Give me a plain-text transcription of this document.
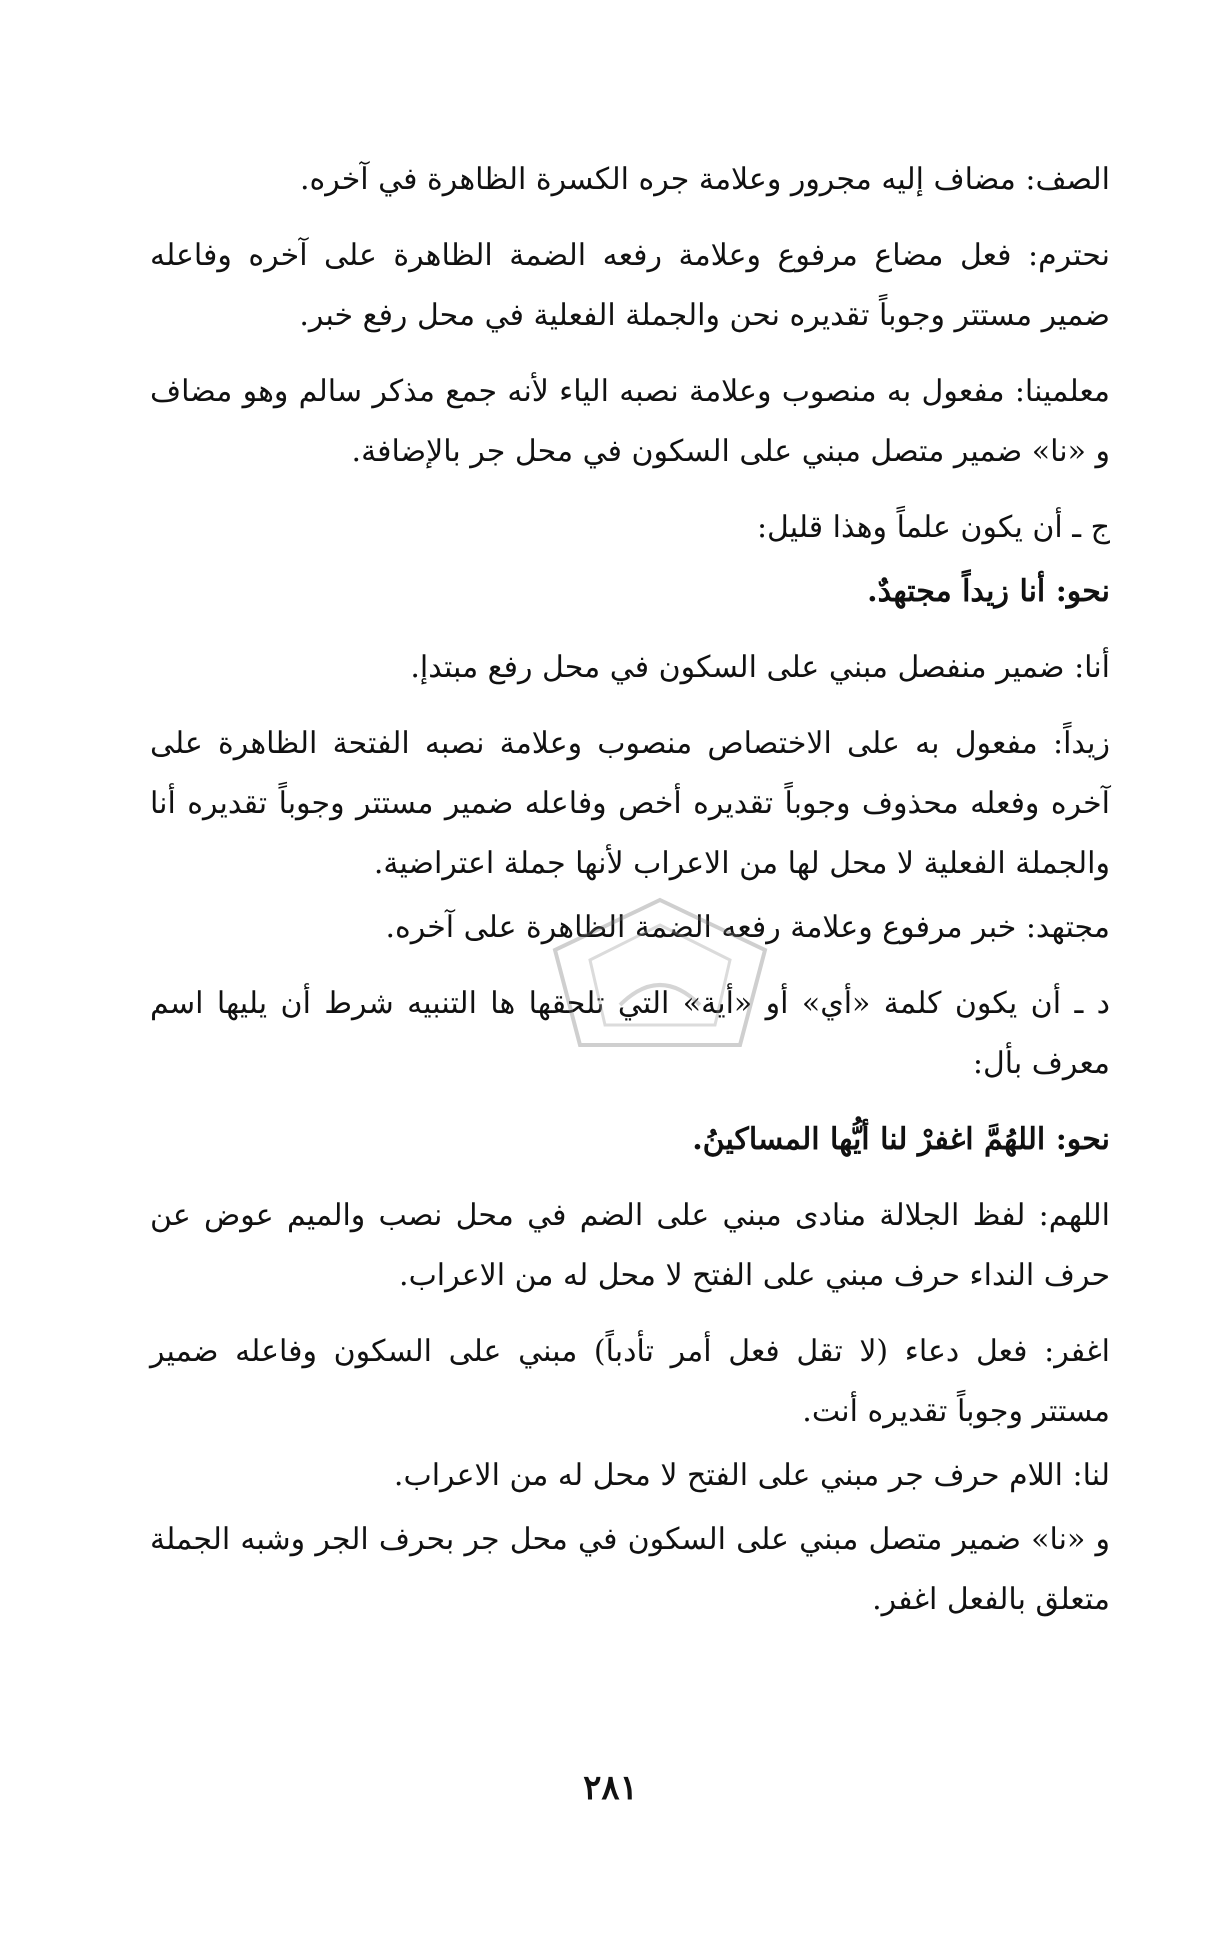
الصف: مضاف إليه مجرور وعلامة جره الكسرة الظاهرة في آخره.

نحترم: فعل مضاع مرفوع وعلامة رفعه الضمة الظاهرة على آخره وفاعله ضمير مستتر وجوباً تقديره نحن والجملة الفعلية في محل رفع خبر.

معلمينا: مفعول به منصوب وعلامة نصبه الياء لأنه جمع مذكر سالم وهو مضاف و «نا» ضمير متصل مبني على السكون في محل جر بالإضافة.

ج ـ أن يكون علماً وهذا قليل:

نحو: أنا زيداً مجتهدٌ.

أنا: ضمير منفصل مبني على السكون في محل رفع مبتدإ.

زيداً: مفعول به على الاختصاص منصوب وعلامة نصبه الفتحة الظاهرة على آخره وفعله محذوف وجوباً تقديره أخص وفاعله ضمير مستتر وجوباً تقديره أنا والجملة الفعلية لا محل لها من الاعراب لأنها جملة اعتراضية.

مجتهد: خبر مرفوع وعلامة رفعه الضمة الظاهرة على آخره.

د ـ أن يكون كلمة «أي» أو «أية» التي تلحقها ها التنبيه شرط أن يليها اسم معرف بأل:

نحو: اللهُمَّ اغفرْ لنا أيُّها المساكينُ.

اللهم: لفظ الجلالة منادى مبني على الضم في محل نصب والميم عوض عن حرف النداء حرف مبني على الفتح لا محل له من الاعراب.

اغفر: فعل دعاء (لا تقل فعل أمر تأدباً) مبني على السكون وفاعله ضمير مستتر وجوباً تقديره أنت.

لنا: اللام حرف جر مبني على الفتح لا محل له من الاعراب.

و «نا» ضمير متصل مبني على السكون في محل جر بحرف الجر وشبه الجملة متعلق بالفعل اغفر.

٢٨١
